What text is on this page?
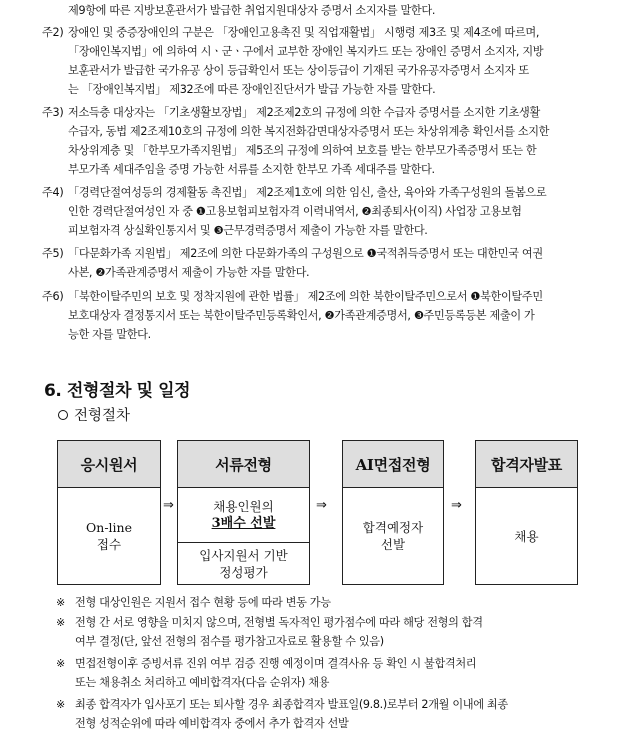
제9항에 따른 지방보훈관서가 발급한 취업지원대상자 증명서 소지자를 말한다.
주2) 장애인 및 중증장애인의 구분은 「장애인고용촉진 및 직업재활법」 시행령 제3조 및 제4조에 따르며,
「장애인복지법」에 의하여 시ㆍ군ㆍ구에서 교부한 장애인 복지카드 또는 장애인 증명서 소지자, 지방
보훈관서가 발급한 국가유공 상이 등급확인서 또는 상이등급이 기재된 국가유공자증명서 소지자 또
는 「장애인복지법」 제32조에 따른 장애인진단서가 발급 가능한 자를 말한다.
주3) 저소득층 대상자는 「기초생활보장법」 제2조제2호의 규정에 의한 수급자 증명서를 소지한 기초생활
수급자, 동법 제2조제10호의 규정에 의한 복지전화감면대상자증명서 또는 차상위계층 확인서를 소지한
차상위계층 및 「한부모가족지원법」 제5조의 규정에 의하여 보호를 받는 한부모가족증명서 또는 한
부모가족 세대주임을 증명 가능한 서류를 소지한 한부모 가족 세대주를 말한다.
주4) 「경력단절여성등의 경제활동 촉진법」 제2조제1호에 의한 임신, 출산, 육아와 가족구성원의 돌봄으로
인한 경력단절여성인 자 중 ❶고용보험피보험자격 이력내역서, ❷최종퇴사(이직) 사업장 고용보험
피보험자격 상실확인통지서 및 ❸근무경력증명서 제출이 가능한 자를 말한다.
주5) 「다문화가족 지원법」 제2조에 의한 다문화가족의 구성원으로 ❶국적취득증명서 또는 대한민국 여권
사본, ❷가족관계증명서 제출이 가능한 자를 말한다.
주6) 「북한이탈주민의 보호 및 정착지원에 관한 법률」 제2조에 의한 북한이탈주민으로서 ❶북한이탈주민
보호대상자 결정통지서 또는 북한이탈주민등록확인서, ❷가족관계증명서, ❸주민등록등본 제출이 가
능한 자를 말한다.
6. 전형절차 및 일정
전형절차
응시원서
On-line
접수
⇒
서류전형
채용인원의
3배수 선발
입사지원서 기반
정성평가
⇒
AI면접전형
합격예정자
선발
⇒
합격자발표
채용
※ 전형 대상인원은 지원서 접수 현황 등에 따라 변동 가능
※ 전형 간 서로 영향을 미치지 않으며, 전형별 독자적인 평가점수에 따라 해당 전형의 합격
여부 결정(단, 앞선 전형의 점수를 평가참고자료로 활용할 수 있음)
※ 면접전형이후 증빙서류 진위 여부 검증 진행 예정이며 결격사유 등 확인 시 불합격처리
또는 채용취소 처리하고 예비합격자(다음 순위자) 채용
※ 최종 합격자가 입사포기 또는 퇴사할 경우 최종합격자 발표일(9.8.)로부터 2개월 이내에 최종
전형 성적순위에 따라 예비합격자 중에서 추가 합격자 선발
